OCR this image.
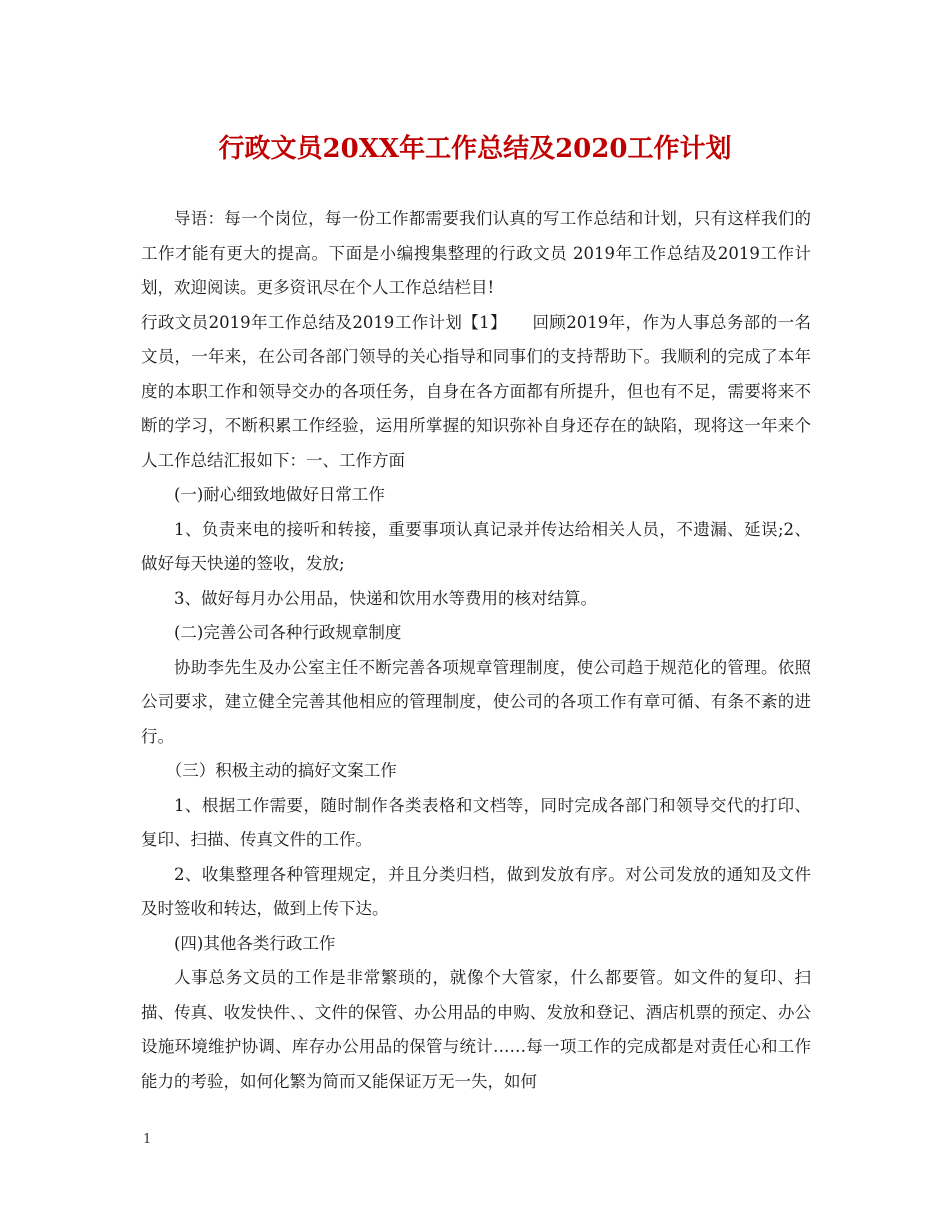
行政文员20XX年工作总结及2020工作计划

导语：每一个岗位，每一份工作都需要我们认真的写工作总结和计划，只有这样我们的工作才能有更大的提高。下面是小编搜集整理的行政文员 2019年工作总结及2019工作计划，欢迎阅读。更多资讯尽在个人工作总结栏目!

行政文员2019年工作总结及2019工作计划【1】　　回顾2019年，作为人事总务部的一名文员，一年来，在公司各部门领导的关心指导和同事们的支持帮助下。我顺利的完成了本年度的本职工作和领导交办的各项任务，自身在各方面都有所提升，但也有不足，需要将来不断的学习，不断积累工作经验，运用所掌握的知识弥补自身还存在的缺陷，现将这一年来个人工作总结汇报如下：一、工作方面

(一)耐心细致地做好日常工作

1、负责来电的接听和转接，重要事项认真记录并传达给相关人员，不遗漏、延误;2、做好每天快递的签收，发放;

3、做好每月办公用品，快递和饮用水等费用的核对结算。

(二)完善公司各种行政规章制度

协助李先生及办公室主任不断完善各项规章管理制度，使公司趋于规范化的管理。依照公司要求，建立健全完善其他相应的管理制度，使公司的各项工作有章可循、有条不紊的进行。

（三）积极主动的搞好文案工作

1、根据工作需要，随时制作各类表格和文档等，同时完成各部门和领导交代的打印、复印、扫描、传真文件的工作。

2、收集整理各种管理规定，并且分类归档，做到发放有序。对公司发放的通知及文件及时签收和转达，做到上传下达。

(四)其他各类行政工作

人事总务文员的工作是非常繁琐的，就像个大管家，什么都要管。如文件的复印、扫描、传真、收发快件、、文件的保管、办公用品的申购、发放和登记、酒店机票的预定、办公设施环境维护协调、库存办公用品的保管与统计……每一项工作的完成都是对责任心和工作能力的考验，如何化繁为简而又能保证万无一失，如何

1
